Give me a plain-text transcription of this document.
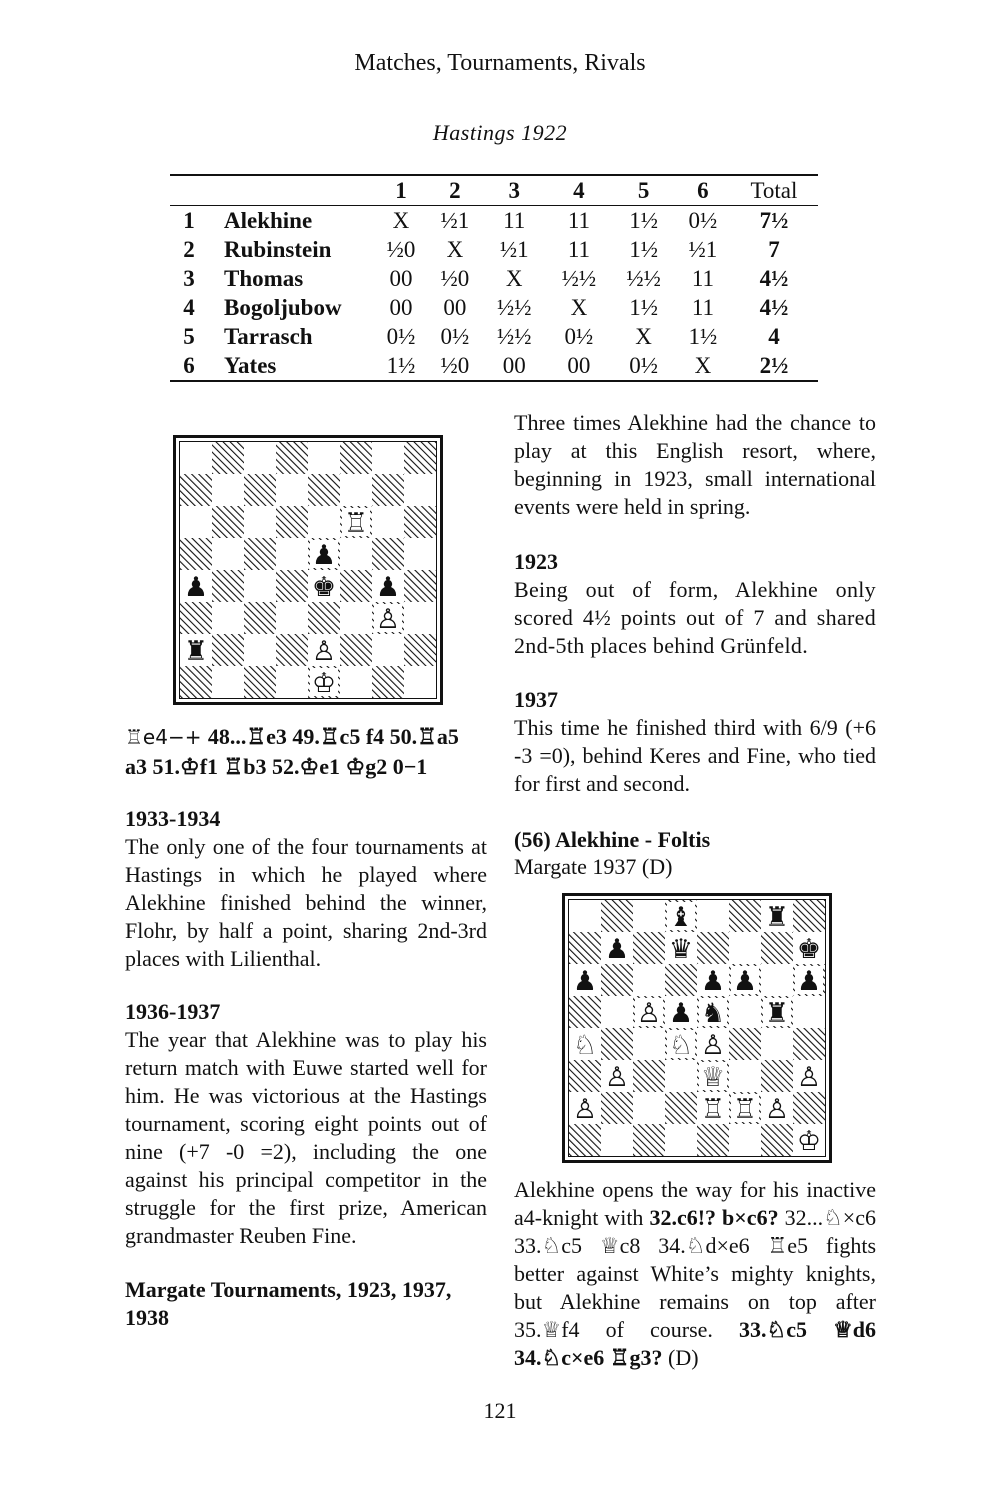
Matches, Tournaments, Rivals
Hastings 1922
		1	2	3	4	5	6	Total
1	Alekhine	X	½1	11	11	1½	0½	7½
2	Rubinstein	½0	X	½1	11	1½	½1	7
3	Thomas	00	½0	X	½½	½½	11	4½
4	Bogoljubow	00	00	½½	X	1½	11	4½
5	Tarrasch	0½	0½	½½	0½	X	1½	4
6	Yates	1½	½0	00	00	0½	X	2½
♖
♟
♟	♚ ♟
♙
♜	♙
♔
♖e4−+ 48...♖e3 49.♖c5 f4 50.♖a5
a3 51.♔f1 ♖b3 52.♔e1 ♔g2 0−1
1933-1934
The only one of the four tournaments at Hastings in which he played where Alekhine finished behind the winner, Flohr, by half a point, sharing 2nd-3rd places with Lilienthal.
1936-1937
The year that Alekhine was to play his return match with Euwe started well for him. He was victorious at the Hastings tournament, scoring eight points out of nine (+7 -0 =2), including the one against his principal competitor in the struggle for the first prize, American grandmaster Reuben Fine.
Margate Tournaments, 1923, 1937, 1938
Three times Alekhine had the chance to play at this English resort, where, beginning in 1923, small international events were held in spring.
1923
Being out of form, Alekhine only scored 4½ points out of 7 and shared 2nd-5th places behind Grünfeld.
1937
This time he finished third with 6/9 (+6 -3 =0), behind Keres and Fine, who tied for first and second.
(56) Alekhine - Foltis
Margate 1937 (D)
♝	♜
♟ ♛	♚
♟	♟ ♟ ♟
♙ ♟ ♞ ♜
♘	♘ ♙
♙	♕	♙
♙	♖ ♖ ♙
♔
Alekhine opens the way for his inactive a4-knight with 32.c6!? b×c6? 32...♘×c6 33.♘c5 ♕c8 34.♘d×e6 ♖e5 fights better against White’s mighty knights, but Alekhine remains on top after 35.♕f4 of course. 33.♘c5 ♕d6 34.♘c×e6 ♖g3? (D)
121
